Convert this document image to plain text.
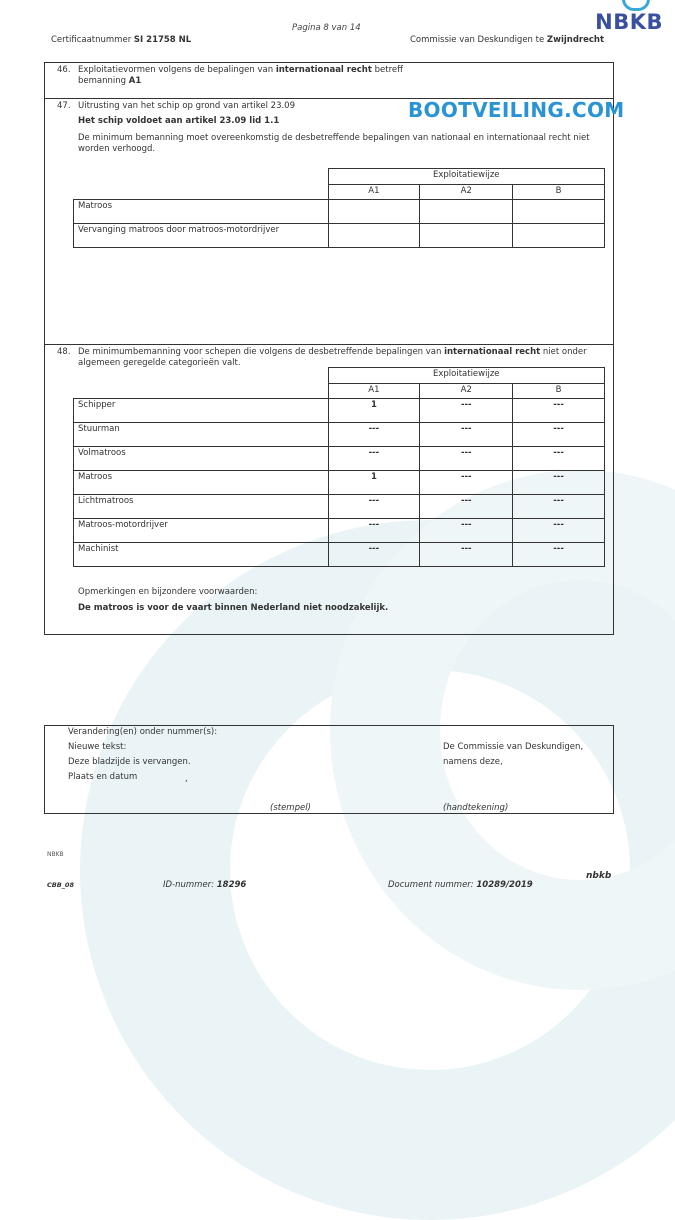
Pagina 8 van 14
Certificaatnummer SI 21758 NL	Commissie van Deskundigen te Zwijndrecht
NBKB
46. Exploitatievormen volgens de bepalingen van internationaal recht betreff
bemanning A1
BOOTVEILING.COM
47. Uitrusting van het schip op grond van artikel 23.09
Het schip voldoet aan artikel 23.09 lid 1.1
De minimum bemanning moet overeenkomstig de desbetreffende bepalingen van nationaal en internationaal recht niet
worden verhoogd.
	Exploitatiewijze		
	A1	A2	B
Matroos			
Vervanging matroos door matroos-motordrijver			
48. De minimumbemanning voor schepen die volgens de desbetreffende bepalingen van internationaal recht niet onder
algemeen geregelde categorieën valt.
	Exploitatiewijze		
	A1	A2	B
Schipper	1	---	---
Stuurman	---	---	---
Volmatroos	---	---	---
Matroos	1	---	---
Lichtmatroos	---	---	---
Matroos-motordrijver	---	---	---
Machinist	---	---	---
Opmerkingen en bijzondere voorwaarden:
De matroos is voor de vaart binnen Nederland niet noodzakelijk.
Verandering(en) onder nummer(s):
Nieuwe tekst:
Deze bladzijde is vervangen.
Plaats en datum	,
De Commissie van Deskundigen,
namens deze,
(stempel)	(handtekening)
NBKB
CBB_08	ID-nummer: 18296	Document nummer: 10289/2019
nbkb
